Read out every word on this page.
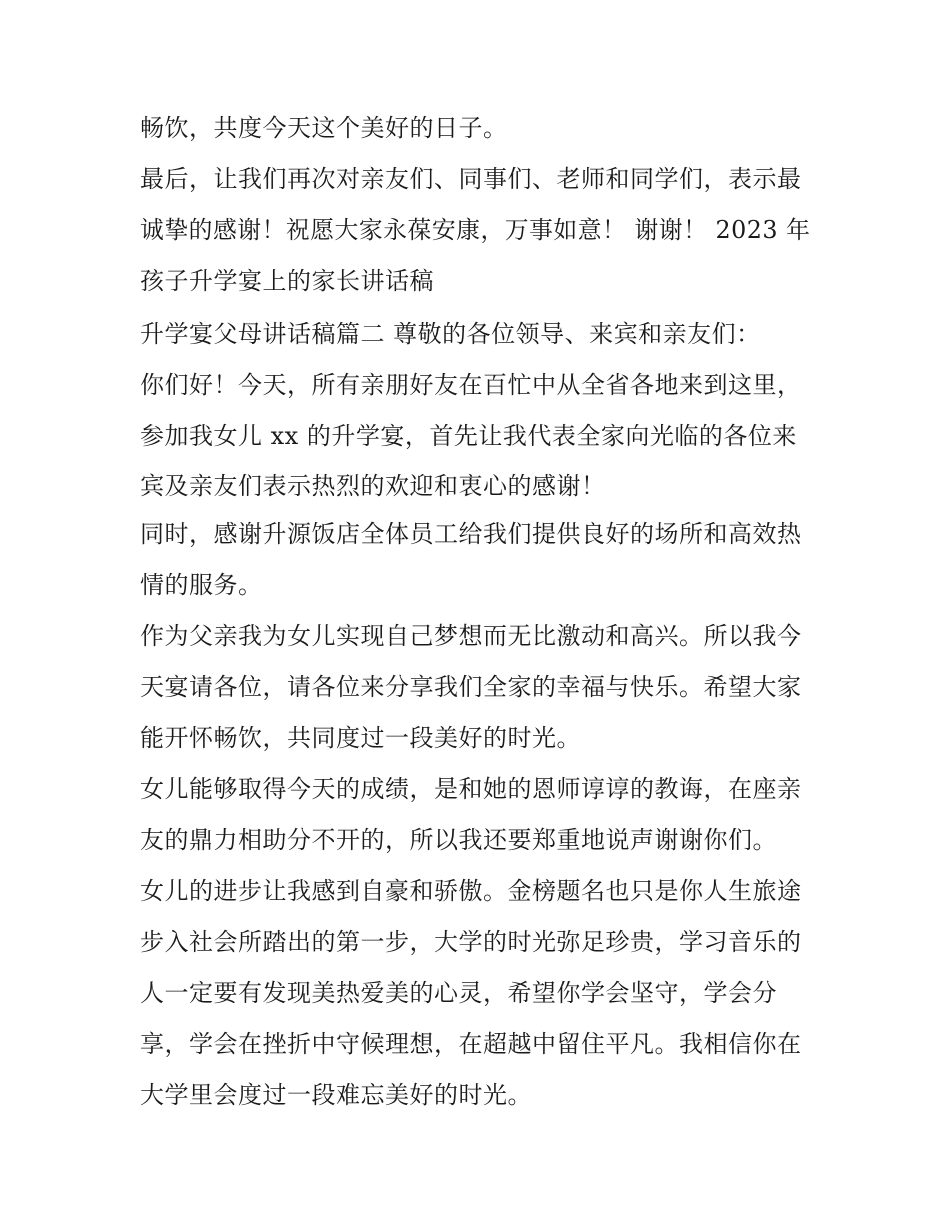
畅饮，共度今天这个美好的日子。
最后，让我们再次对亲友们、同事们、老师和同学们，表示最
诚挚的感谢！祝愿大家永葆安康，万事如意！ 谢谢！ 2023 年
孩子升学宴上的家长讲话稿
升学宴父母讲话稿篇二 尊敬的各位领导、来宾和亲友们：
你们好！今天，所有亲朋好友在百忙中从全省各地来到这里，
参加我女儿 xx 的升学宴，首先让我代表全家向光临的各位来
宾及亲友们表示热烈的欢迎和衷心的感谢！
同时，感谢升源饭店全体员工给我们提供良好的场所和高效热
情的服务。
作为父亲我为女儿实现自己梦想而无比激动和高兴。所以我今
天宴请各位，请各位来分享我们全家的幸福与快乐。希望大家
能开怀畅饮，共同度过一段美好的时光。
女儿能够取得今天的成绩，是和她的恩师谆谆的教诲，在座亲
友的鼎力相助分不开的，所以我还要郑重地说声谢谢你们。
女儿的进步让我感到自豪和骄傲。金榜题名也只是你人生旅途
步入社会所踏出的第一步，大学的时光弥足珍贵，学习音乐的
人一定要有发现美热爱美的心灵，希望你学会坚守，学会分
享，学会在挫折中守候理想，在超越中留住平凡。我相信你在
大学里会度过一段难忘美好的时光。
